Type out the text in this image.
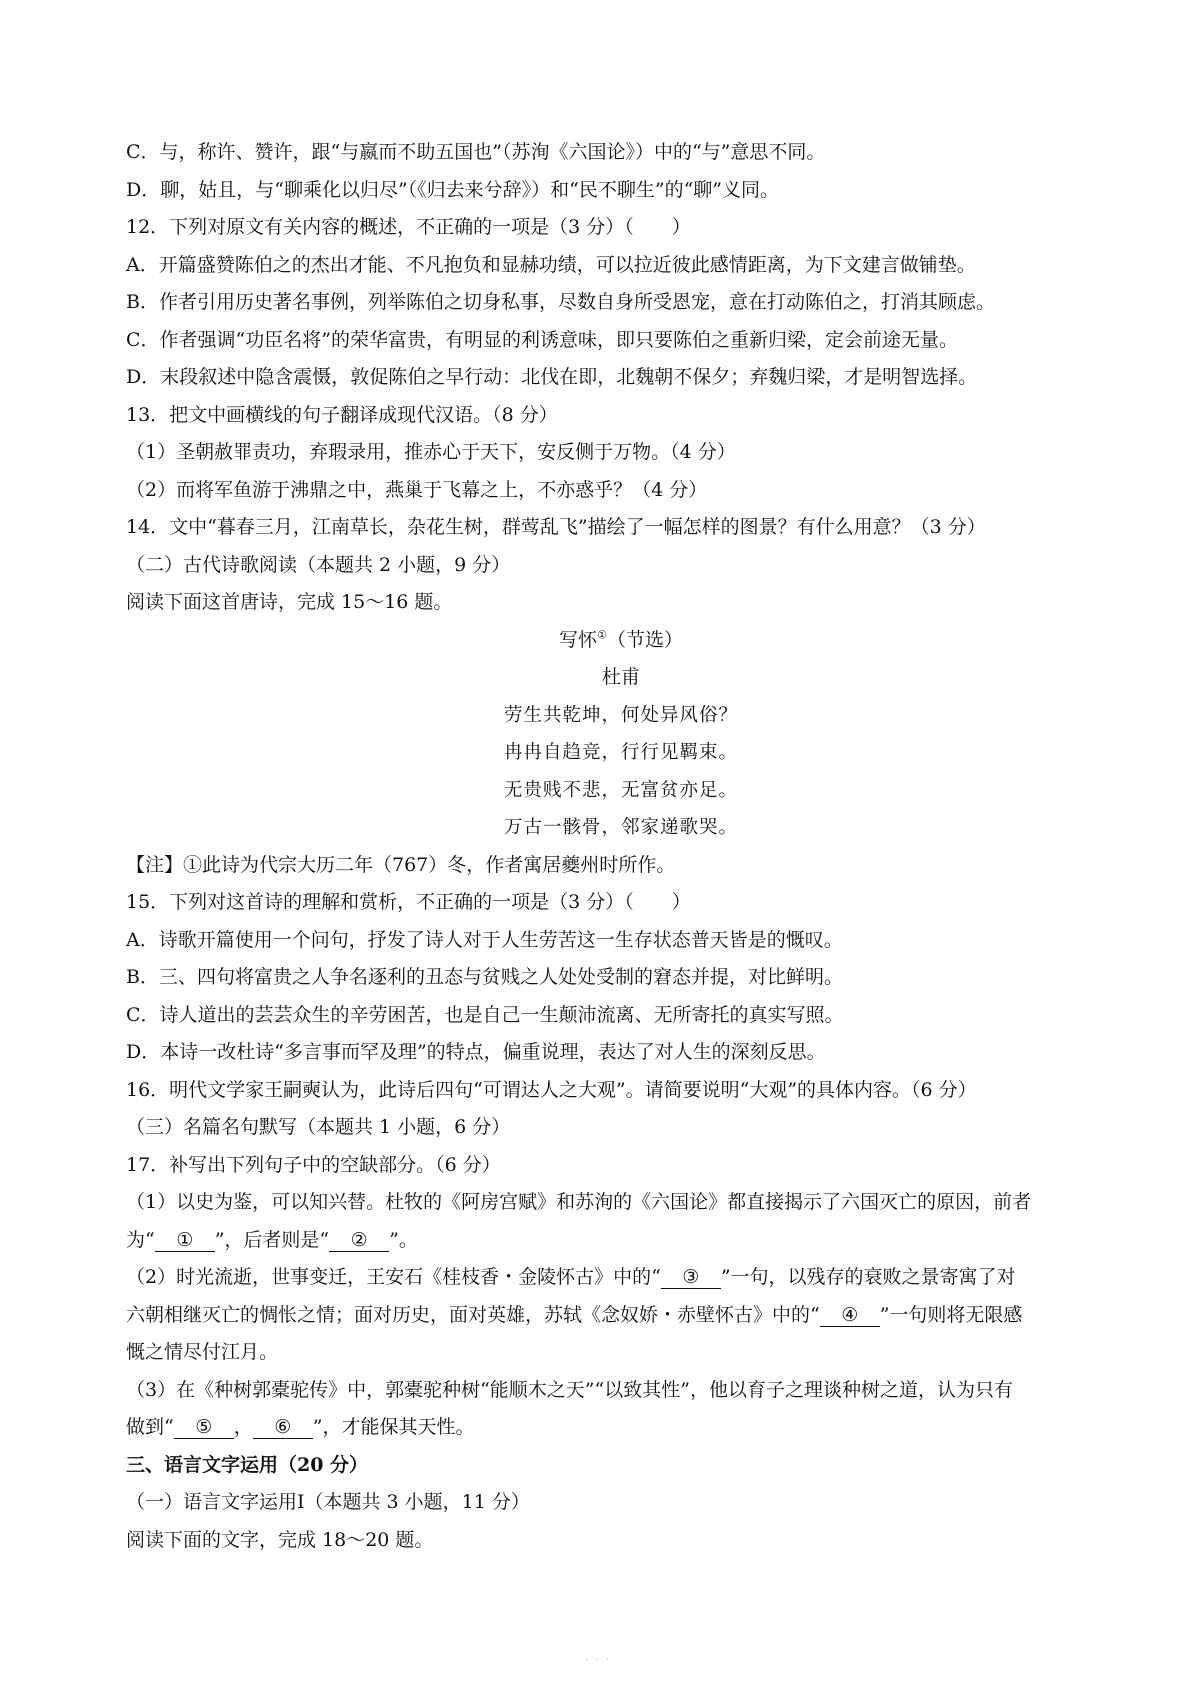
C．与，称许、赞许，跟“与嬴而不助五国也”（苏洵《六国论》）中的“与”意思不同。
D．聊，姑且，与“聊乘化以归尽”（《归去来兮辞》）和“民不聊生”的“聊”义同。
12．下列对原文有关内容的概述，不正确的一项是（3 分）（　　）
A．开篇盛赞陈伯之的杰出才能、不凡抱负和显赫功绩，可以拉近彼此感情距离，为下文建言做铺垫。
B．作者引用历史著名事例，列举陈伯之切身私事，尽数自身所受恩宠，意在打动陈伯之，打消其顾虑。
C．作者强调“功臣名将”的荣华富贵，有明显的利诱意味，即只要陈伯之重新归梁，定会前途无量。
D．末段叙述中隐含震慑，敦促陈伯之早行动：北伐在即，北魏朝不保夕；弃魏归梁，才是明智选择。
13．把文中画横线的句子翻译成现代汉语。（8 分）
（1）圣朝赦罪责功，弃瑕录用，推赤心于天下，安反侧于万物。（4 分）
（2）而将军鱼游于沸鼎之中，燕巢于飞幕之上，不亦惑乎？（4 分）
14．文中“暮春三月，江南草长，杂花生树，群莺乱飞”描绘了一幅怎样的图景？有什么用意？（3 分）
（二）古代诗歌阅读（本题共 2 小题，9 分）
阅读下面这首唐诗，完成 15～16 题。
写怀①（节选）
杜甫
劳生共乾坤，何处异风俗？
冉冉自趋竞，行行见羁束。
无贵贱不悲，无富贫亦足。
万古一骸骨，邻家递歌哭。
【注】①此诗为代宗大历二年（767）冬，作者寓居夔州时所作。
15．下列对这首诗的理解和赏析，不正确的一项是（3 分）（　　）
A．诗歌开篇使用一个问句，抒发了诗人对于人生劳苦这一生存状态普天皆是的慨叹。
B．三、四句将富贵之人争名逐利的丑态与贫贱之人处处受制的窘态并提，对比鲜明。
C．诗人道出的芸芸众生的辛劳困苦，也是自己一生颠沛流离、无所寄托的真实写照。
D．本诗一改杜诗“多言事而罕及理”的特点，偏重说理，表达了对人生的深刻反思。
16．明代文学家王嗣奭认为，此诗后四句“可谓达人之大观”。请简要说明“大观”的具体内容。（6 分）
（三）名篇名句默写（本题共 1 小题，6 分）
17．补写出下列句子中的空缺部分。（6 分）
（1）以史为鉴，可以知兴替。杜牧的《阿房宫赋》和苏洵的《六国论》都直接揭示了六国灭亡的原因，前者
为“ ① ”，后者则是“ ② ”。
（2）时光流逝，世事变迁，王安石《桂枝香・金陵怀古》中的“ ③ ”一句，以残存的衰败之景寄寓了对
六朝相继灭亡的惆怅之情；面对历史，面对英雄，苏轼《念奴娇・赤壁怀古》中的“ ④ ”一句则将无限感
慨之情尽付江月。
（3）在《种树郭橐驼传》中，郭橐驼种树“能顺木之天”“以致其性”，他以育子之理谈种树之道，认为只有
做到“ ⑤ ， ⑥ ”，才能保其天性。
三、语言文字运用（20 分）
（一）语言文字运用Ⅰ（本题共 3 小题，11 分）
阅读下面的文字，完成 18～20 题。
· · ·
